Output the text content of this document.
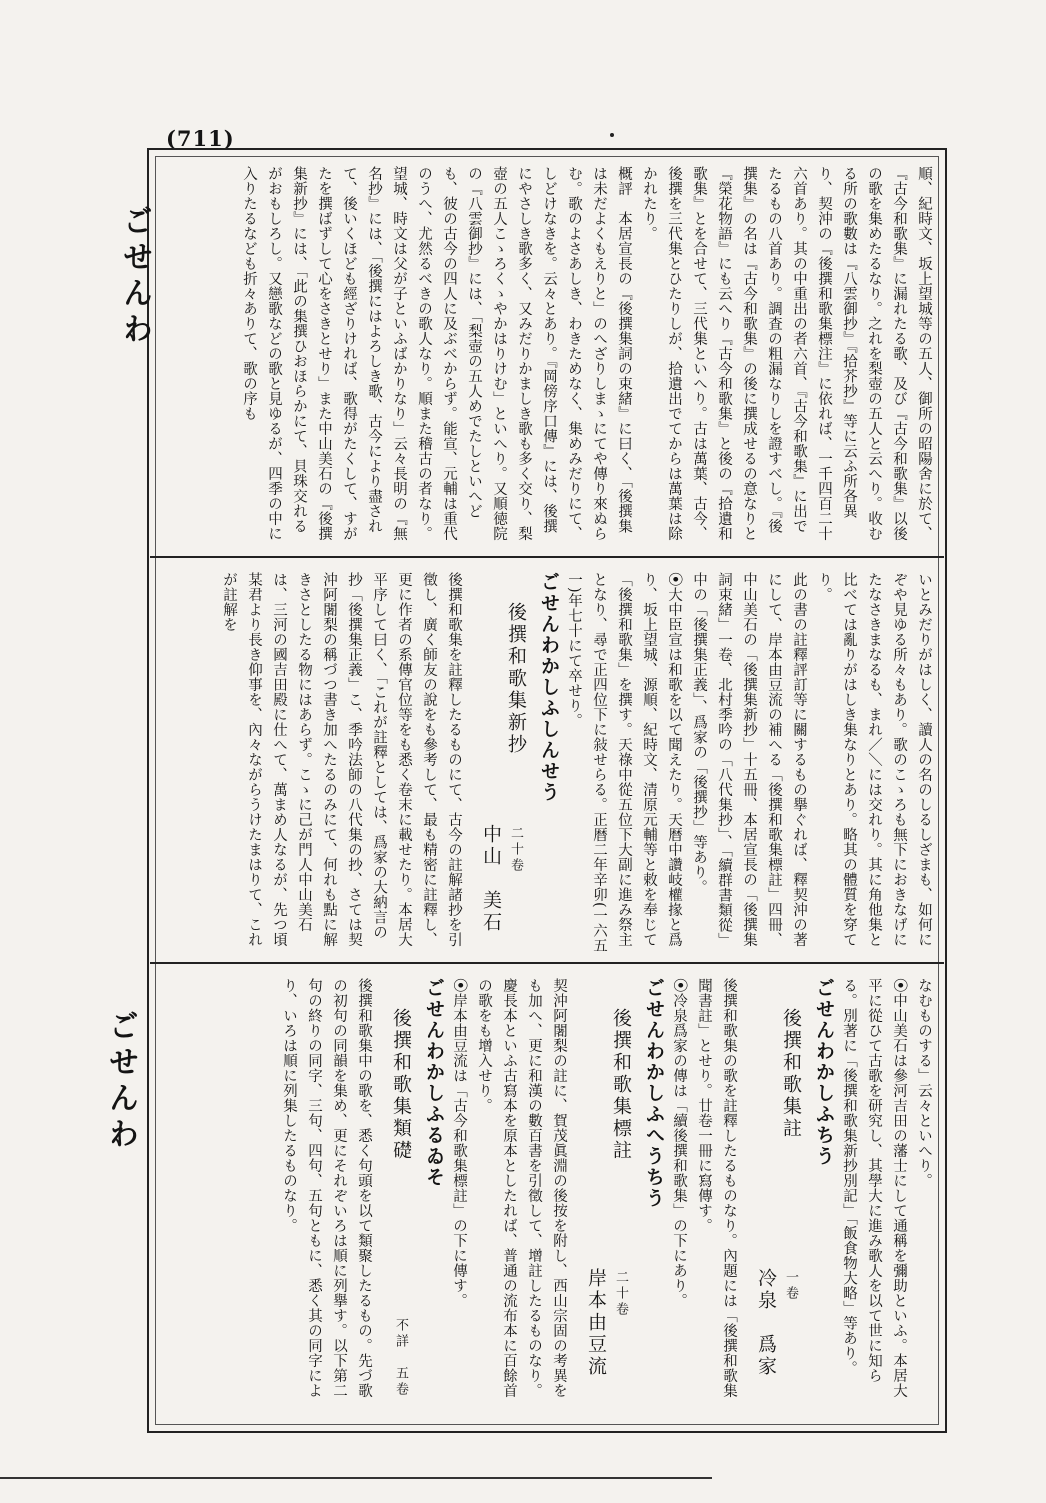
(711)
ごせんわ
ごせんわ

順、紀時文、坂上望城等の五人、御所の昭陽舍に於て、『古今和歌集』に漏れたる歌、及び『古今和歌集』以後の歌を集めたるなり。之れを梨壺の五人と云へり。收むる所の歌數は『八雲御抄』『拾芥抄』等に云ふ所各異り、契沖の『後撰和歌集標注』に依れば、一千四百二十六首あり。其の中重出の者六首、『古今和歌集』に出でたるもの八首あり。調査の粗漏なりしを證すべし。『後撰集』の名は『古今和歌集』の後に撰成せるの意なりと『榮花物語』にも云へり『古今和歌集』と後の『拾遺和歌集』とを合せて、三代集といへり。古は萬葉、古今、後撰を三代集とひたりしが、拾遺出でてからは萬葉は除かれたり。

概評　本居宣長の『後撰集詞の束緒』に曰く、「後撰集は未だよくもえりと」のへざりしまゝにてや傳り來ぬらむ。歌のよさあしき、わきためなく、集めみだりにて、しどけなきを。云々とあり。『岡傍序口傳』には、後撰にやさしき歌多く、又みだりかましき歌も多く交り、梨壺の五人こゝろくゝやかはりけむ」といへり。又順徳院の『八雲御抄』には、「梨壺の五人めでたしといへども、彼の古今の四人に及ぶべからず。能宣、元輔は重代のうへ、尤然るべきの歌人なり。順また稽古の者なり。望城、時文は父が子といふばかりなり」云々長明の『無名抄』には、「後撰にはよろしき歌、古今により盡されて、後いくほども經ざりければ、歌得がたくして、すがたを撰ばずして心をさきとせり」また中山美石の『後撰集新抄』には、「此の集撰ひおほらかにて、貝珠交れるがおもしろし。又戀歌などの歌と見ゆるが、四季の中に入りたるなども折々ありて、歌の序も

いとみだりがはしく、讀人の名のしるしざまも、如何にぞや見ゆる所々もあり。歌のこゝろも無下におきなげにたなさきまなるも、まれ／＼には交れり。其に角他集と比べては亂りがはしき集なりとあり。略其の體質を穿てり。

此の書の註釋評訂等に關するもの擧ぐれば、釋契沖の著にして、岸本由豆流の補へる「後撰和歌集標註」四冊、中山美石の「後撰集新抄」十五冊、本居宣長の「後撰集詞束緒」一卷、北村季吟の「八代集抄」、「續群書類從」中の「後撰集正義」、爲家の「後撰抄」等あり。

⦿大中臣宣は和歌を以て聞えたり。天暦中讚岐權掾と爲り、坂上望城、源順、紀時文、清原元輔等と敕を奉じて「後撰和歌集」を撰す。天祿中從五位下大副に進み祭主となり、尋で正四位下に敍せらる。正暦二年辛卯(一六五一)年七十にて卒せり。

ごせんわかしふしんせう

後撰和歌集新抄
二十卷
中山　美石

後撰和歌集を註釋したるものにて、古今の註解諸抄を引徵し、廣く師友の說をも參考して、最も精密に註釋し、更に作者の系傳官位等をも悉く卷末に載せたり。本居大平序して曰く、「これが註釋としては、爲家の大納言の抄「後撰集正義」こ、季吟法師の八代集の抄、さては契沖阿闍梨の稱づつ書き加へたるのみにて、何れも點に解きさとしたる物にはあらず。こゝに己が門人中山美石は、三河の國吉田殿に仕へて、萬まめ人なるが、先つ頃某君より長き仰事を、內々ながらうけたまはりて、これが註解を

なむものする」云々といへり。

⦿中山美石は參河吉田の藩士にして通稱を彌助といふ。本居大平に從ひて古歌を研究し、其學大に進み歌人を以て世に知らる。別著に「後撰和歌集新抄別記」「飯食物大略」等あり。

ごせんわかしふちう

後撰和歌集註
一卷
冷泉　爲家

後撰和歌集の歌を註釋したるものなり。內題には「後撰和歌集聞書註」とせり。廿卷一冊に寫傳す。

⦿冷泉爲家の傳は「續後撰和歌集」の下にあり。

ごせんわかしふへうちう

後撰和歌集標註
二十卷
岸本由豆流

契沖阿闍梨の註に、賀茂眞淵の後按を附し、西山宗固の考異をも加へ、更に和漢の數百書を引徵して、增註したるものなり。慶長本といふ古寫本を原本としたれば、普通の流布本に百餘首の歌をも增入せり。

⦿岸本由豆流は「古今和歌集標註」の下に傳す。

ごせんわかしふるゐそ

後撰和歌集類礎
不詳　五卷

後撰和歌集中の歌を、悉く句頭を以て類聚したるもの。先づ歌の初句の同韻を集め、更にそれぞいろは順に列擧す。以下第二句の終りの同字、三句、四句、五句ともに、悉く其の同字により、いろは順に列集したるものなり。
